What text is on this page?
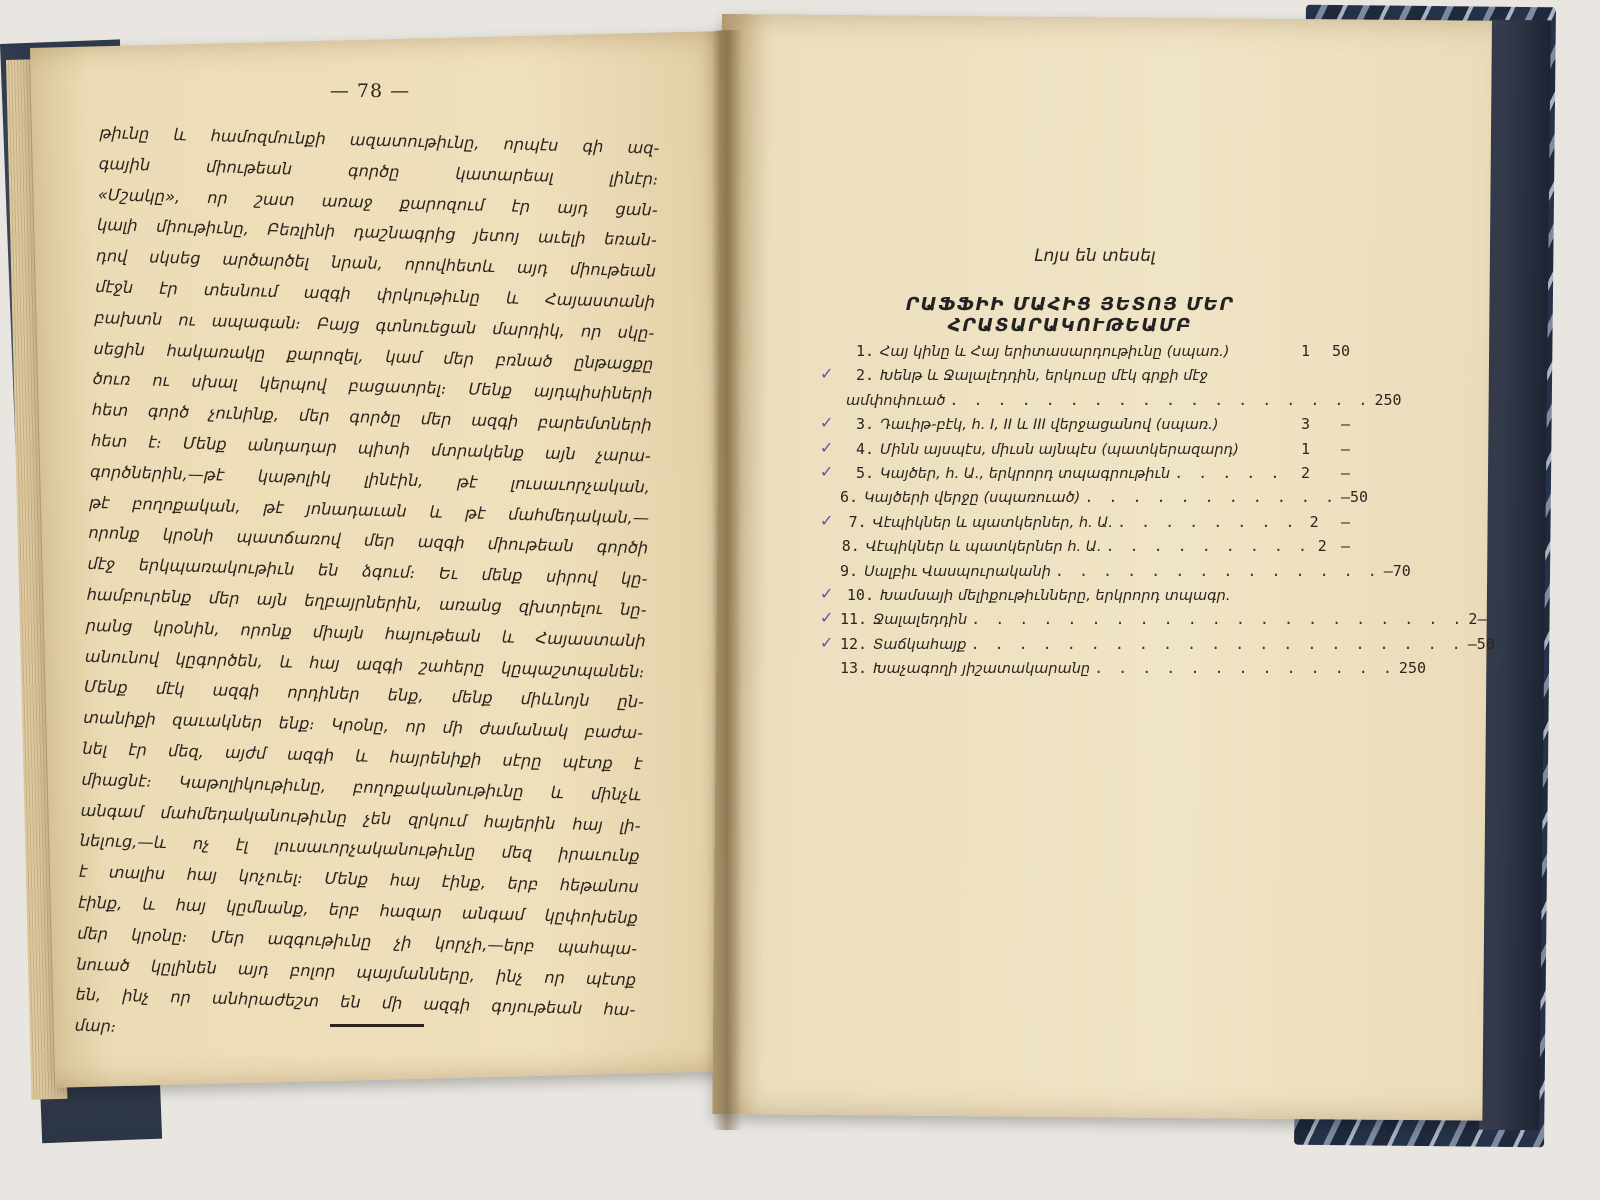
— 78 —
թիւնը և համոզմունքի ազատութիւնը, որպէս գի ազ-
գային միութեան գործը կատարեալ լինէր։
«Մշակը», որ շատ առաջ քարոզում էր այդ ցան-
կալի միութիւնը, Բեռլինի դաշնագրից յետոյ աւելի եռան-
դով սկսեց արծարծել նրան, որովհետև այդ միութեան
մէջն էր տեսնում ազգի փրկութիւնը և Հայաստանի
բախտն ու ապագան։ Բայց գտնուեցան մարդիկ, որ սկը-
սեցին հակառակը քարոզել, կամ մեր բռնած ընթացքը
ծուռ ու սխալ կերպով բացատրել։ Մենք այդպիսիների
հետ գործ չունինք, մեր գործը մեր ազգի բարեմտների
հետ է։ Մենք անդադար պիտի մտրակենք այն չարա-
գործներին,—թէ կաթոլիկ լինէին, թէ լուսաւորչական,
թէ բողոքական, թէ յոնադաւան և թէ մահմեդական,—
որոնք կրօնի պատճառով մեր ազգի միութեան գործի
մէջ երկպառակութիւն են ձգում։ Եւ մենք սիրով կը-
համբուրենք մեր այն եղբայրներին, առանց զխտրելու նը-
րանց կրօնին, որոնք միայն հայութեան և Հայաստանի
անունով կըգործեն, և հայ ազգի շահերը կըպաշտպանեն։
Մենք մէկ ազգի որդիներ ենք, մենք միևնոյն ըն-
տանիքի զաւակներ ենք։ Կրօնը, որ մի ժամանակ բաժա-
նել էր մեզ, այժմ ազգի և հայրենիքի սէրը պէտք է
միացնէ։ Կաթոլիկութիւնը, բողոքականութիւնը և մինչև
անգամ մահմեդականութիւնը չեն զրկում հայերին հայ լի-
նելուց,—և ոչ էլ լուսաւորչականութիւնը մեզ իրաւունք
է տալիս հայ կոչուել։ Մենք հայ էինք, երբ հեթանոս
էինք, և հայ կըմնանք, երբ հազար անգամ կըփոխենք
մեր կրօնը։ Մեր ազգութիւնը չի կորչի,—երբ պահպա-
նուած կըլինեն այդ բոլոր պայմանները, ինչ որ պէտք
են, ինչ որ անհրաժեշտ են մի ազգի գոյութեան հա-
մար։
Լոյս են տեսել
ՐԱՖՖԻԻ ՄԱՀԻՑ ՅԵՏՈՅ ՄԵՐ ՀՐԱՏԱՐԱԿՈՒԹԵԱՄԲ
1. Հայ կինը և Հայ երիտասարդութիւնը (սպառ.)	1	50
2. Խենթ և Ջալալէդդին, երկուսը մէկ գրքի մէջ
✓
ամփոփուած . . . . . . . . . . . . . . . . . . 2 50
3. Դաւիթ-բէկ, հ. I, II և III վերջացանով (սպառ.)	3	—
✓
4. Մինն այսպէս, միւսն այնպէս (պատկերազարդ)	1	—
✓
5. Կայծեր, հ. Ա., երկրորդ տպագրութիւն . . . . .	2	—
✓
6. Կայծերի վերջը (սպառուած) . . . . . . . . . . . — 50
7. Վէպիկներ և պատկերներ, հ. Ա. . . . . . . . . 2	—
✓
8. Վէպիկներ և պատկերներ հ. Ա. . . . . . . . . . 2 —
9. Սալբիւ Վասպուրականի . . . . . . . . . . . . . . — 70
10. Խամսայի մելիքութիւնները, երկրորդ տպագր.
✓
11. Ջալալեդդին . . . . . . . . . . . . . . . . . . . . . 2 —
✓
12. Տաճկահայք . . . . . . . . . . . . . . . . . . . . . — 50
✓
13. Խաչագողի յիշատակարանը . . . . . . . . . . . . . 2 50
